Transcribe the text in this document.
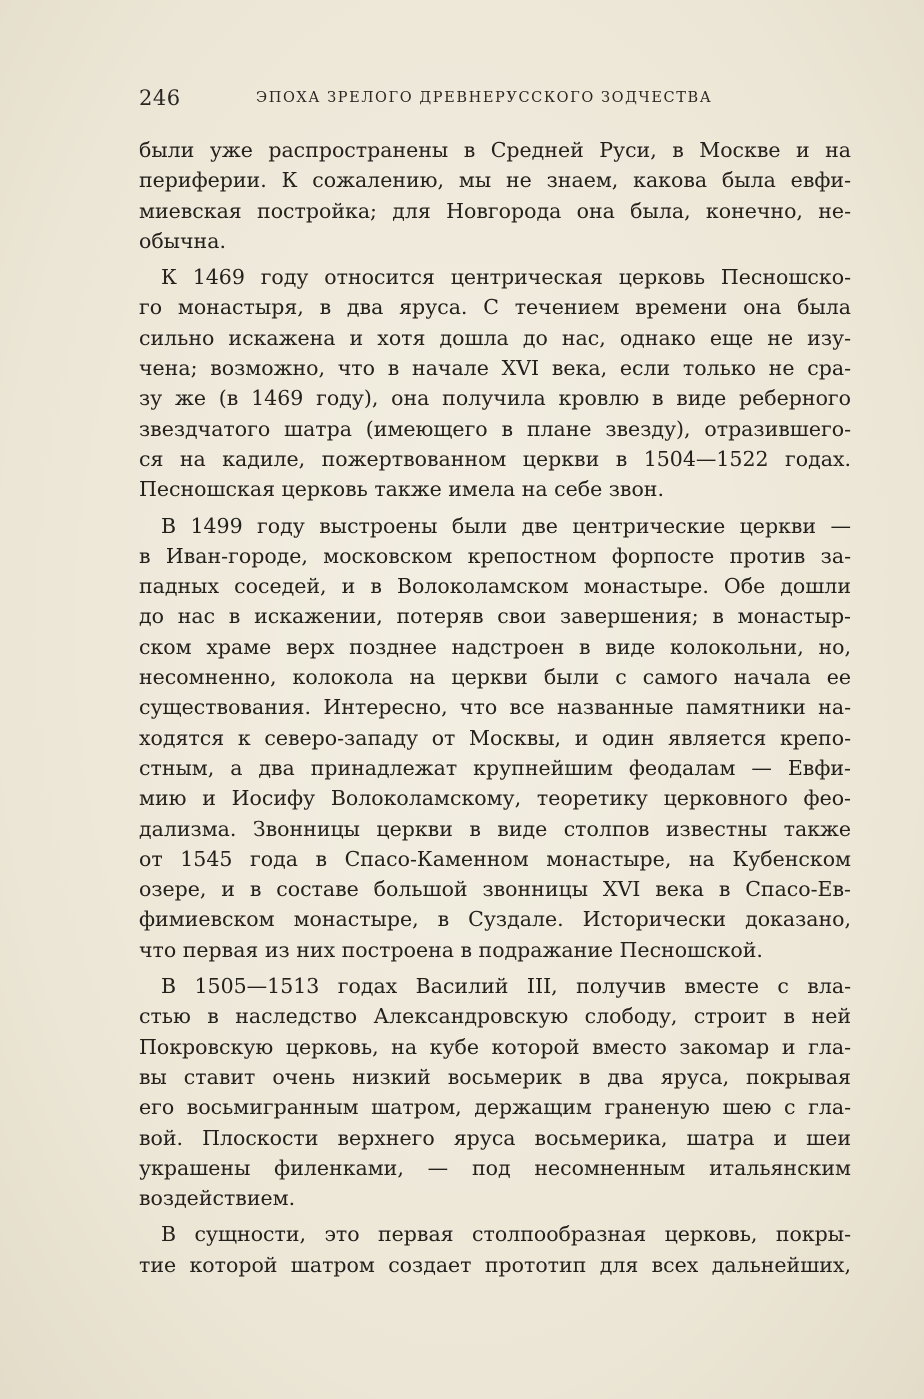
246	ЭПОХА ЗРЕЛОГО ДРЕВНЕРУССКОГО ЗОДЧЕСТВА
были уже распространены в Средней Руси, в Москве и на
периферии. К сожалению, мы не знаем, какова была евфи-
миевская постройка; для Новгорода она была, конечно, не-
обычна.
К 1469 году относится центрическая церковь Песношско-
го монастыря, в два яруса. С течением времени она была
сильно искажена и хотя дошла до нас, однако еще не изу-
чена; возможно, что в начале XVI века, если только не сра-
зу же (в 1469 году), она получила кровлю в виде реберного
звездчатого шатра (имеющего в плане звезду), отразившего-
ся на кадиле, пожертвованном церкви в 1504—1522 годах.
Песношская церковь также имела на себе звон.
В 1499 году выстроены были две центрические церкви —
в Иван-городе, московском крепостном форпосте против за-
падных соседей, и в Волоколамском монастыре. Обе дошли
до нас в искажении, потеряв свои завершения; в монастыр-
ском храме верх позднее надстроен в виде колокольни, но,
несомненно, колокола на церкви были с самого начала ее
существования. Интересно, что все названные памятники на-
ходятся к северо-западу от Москвы, и один является крепо-
стным, а два принадлежат крупнейшим феодалам — Евфи-
мию и Иосифу Волоколамскому, теоретику церковного фео-
дализма. Звонницы церкви в виде столпов известны также
от 1545 года в Спасо-Каменном монастыре, на Кубенском
озере, и в составе большой звонницы XVI века в Спасо-Ев-
фимиевском монастыре, в Суздале. Исторически доказано,
что первая из них построена в подражание Песношской.
В 1505—1513 годах Василий III, получив вместе с вла-
стью в наследство Александровскую слободу, строит в ней
Покровскую церковь, на кубе которой вместо закомар и гла-
вы ставит очень низкий восьмерик в два яруса, покрывая
его восьмигранным шатром, держащим граненую шею с гла-
вой. Плоскости верхнего яруса восьмерика, шатра и шеи
украшены филенками, — под несомненным итальянским
воздействием.
В сущности, это первая столпообразная церковь, покры-
тие которой шатром создает прототип для всех дальнейших,
